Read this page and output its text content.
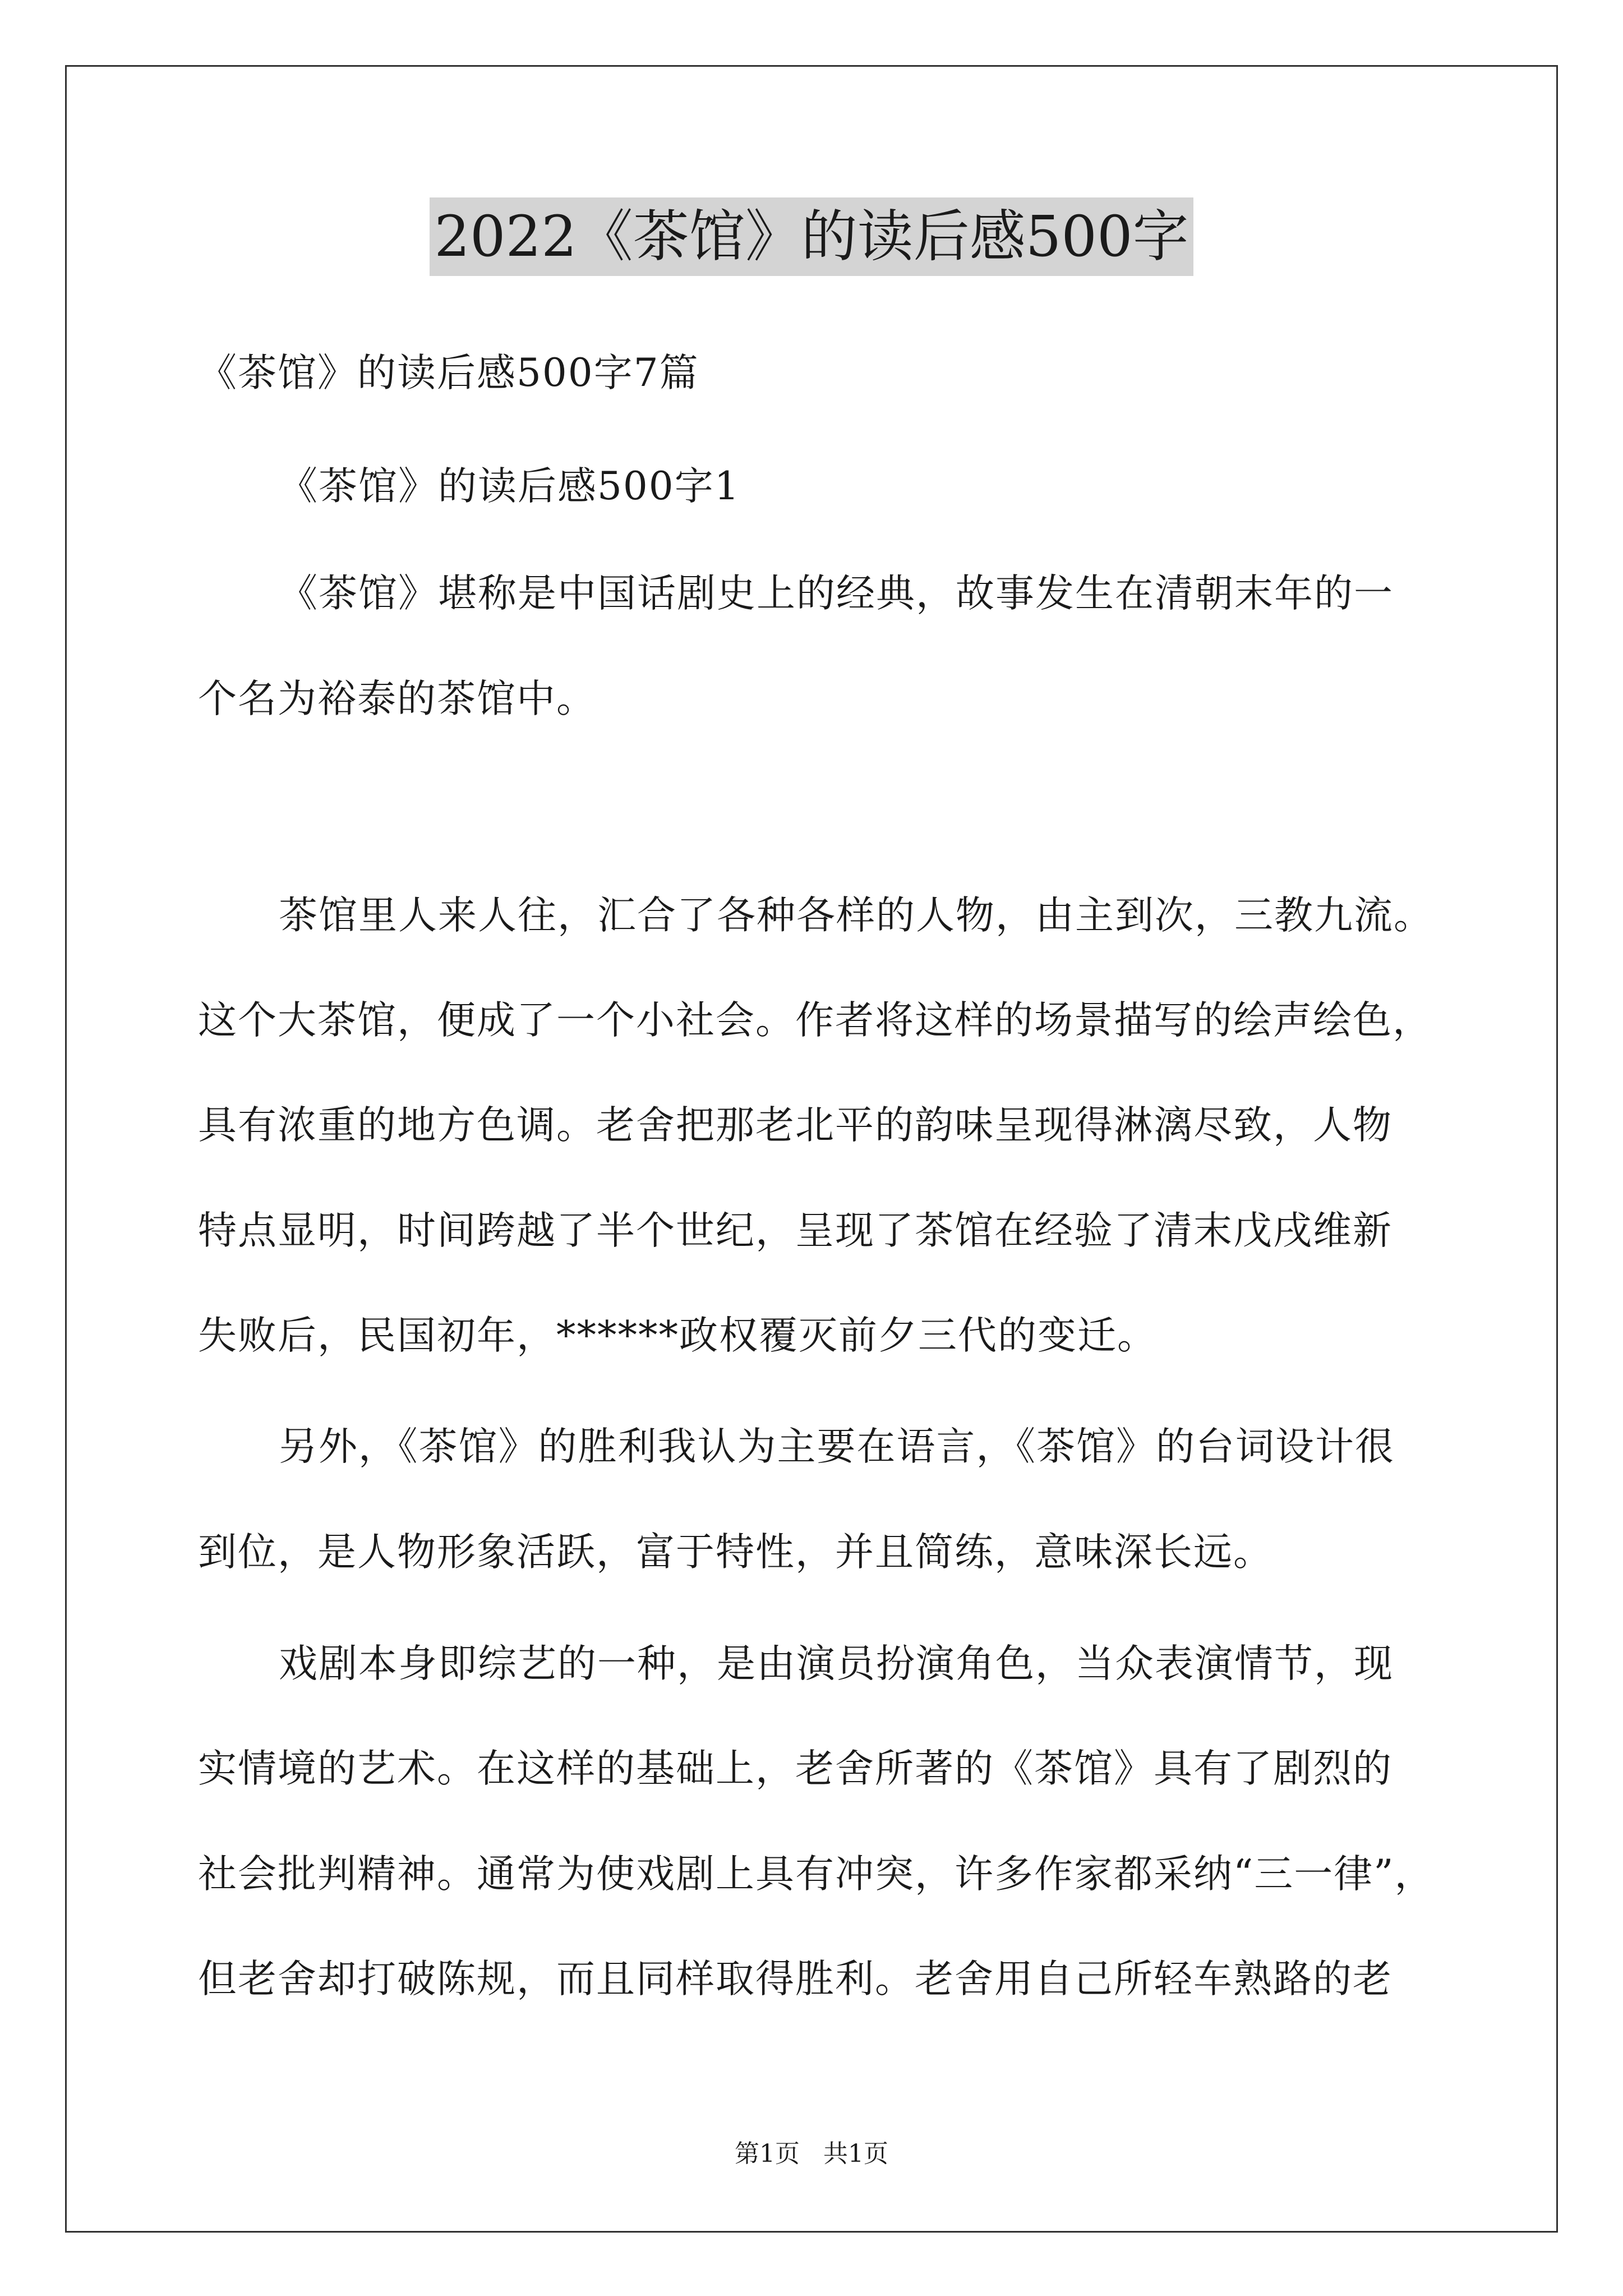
2022《茶馆》的读后感500字
《茶馆》的读后感500字7篇
《茶馆》的读后感500字1
《茶馆》堪称是中国话剧史上的经典，故事发生在清朝末年的一
个名为裕泰的茶馆中。
茶馆里人来人往，汇合了各种各样的人物，由主到次，三教九流。
这个大茶馆，便成了一个小社会。作者将这样的场景描写的绘声绘色，
具有浓重的地方色调。老舍把那老北平的韵味呈现得淋漓尽致，人物
特点显明，时间跨越了半个世纪，呈现了茶馆在经验了清末戊戌维新
失败后，民国初年，******政权覆灭前夕三代的变迁。
另外，《茶馆》的胜利我认为主要在语言，《茶馆》的台词设计很
到位，是人物形象活跃，富于特性，并且简练，意味深长远。
戏剧本身即综艺的一种，是由演员扮演角色，当众表演情节，现
实情境的艺术。在这样的基础上，老舍所著的《茶馆》具有了剧烈的
社会批判精神。通常为使戏剧上具有冲突，许多作家都采纳“三一律”，
但老舍却打破陈规，而且同样取得胜利。老舍用自己所轻车熟路的老
第1页   共1页
